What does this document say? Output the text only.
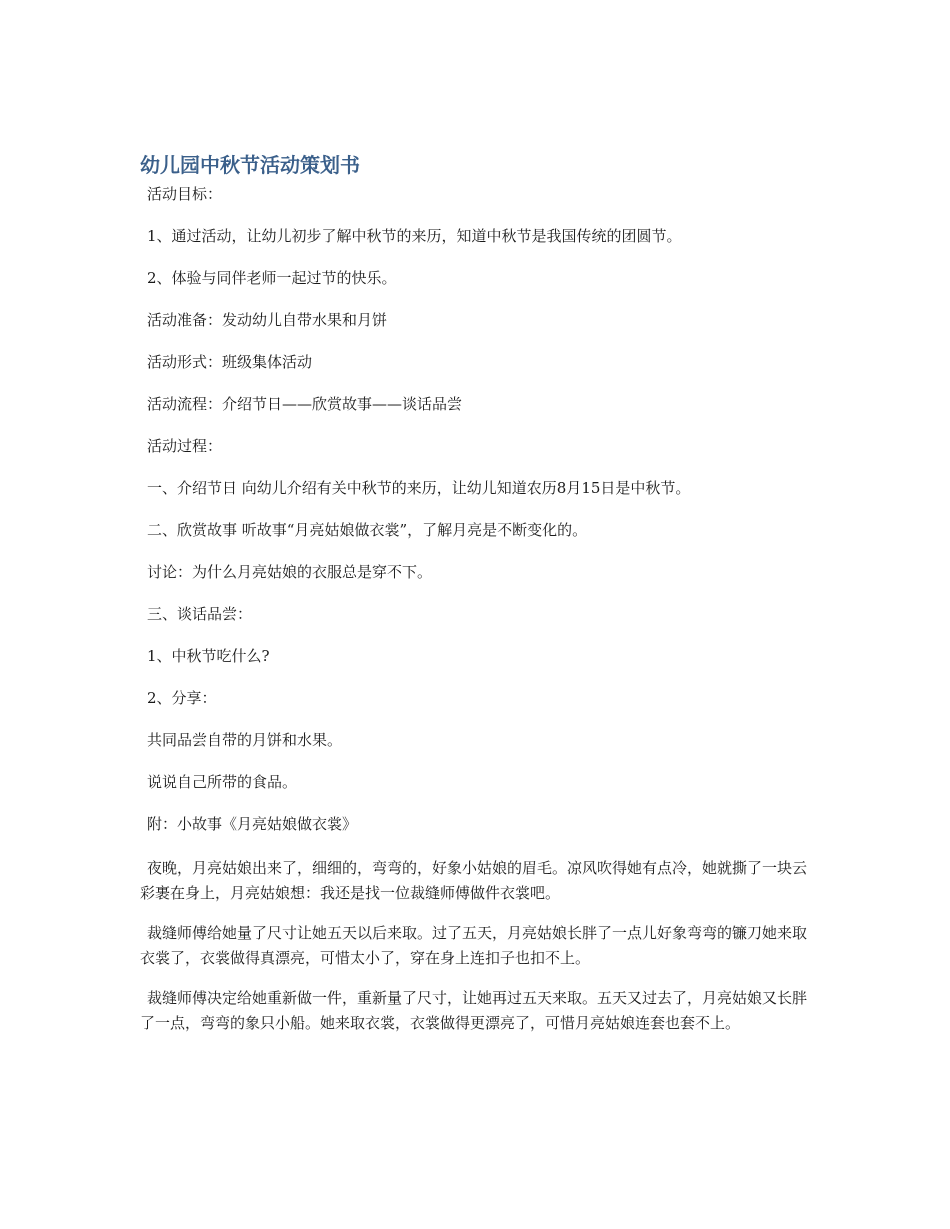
幼儿园中秋节活动策划书

活动目标：

1、通过活动，让幼儿初步了解中秋节的来历，知道中秋节是我国传统的团圆节。

2、体验与同伴老师一起过节的快乐。

活动准备：发动幼儿自带水果和月饼

活动形式：班级集体活动

活动流程：介绍节日——欣赏故事——谈话品尝

活动过程：

一、介绍节日 向幼儿介绍有关中秋节的来历，让幼儿知道农历8月15日是中秋节。

二、欣赏故事 听故事“月亮姑娘做衣裳”，了解月亮是不断变化的。

讨论：为什么月亮姑娘的衣服总是穿不下。

三、谈话品尝：

1、中秋节吃什么?

2、分享：

共同品尝自带的月饼和水果。

说说自己所带的食品。

附：小故事《月亮姑娘做衣裳》

夜晚，月亮姑娘出来了，细细的，弯弯的，好象小姑娘的眉毛。凉风吹得她有点冷，她就撕了一块云彩裹在身上，月亮姑娘想：我还是找一位裁缝师傅做件衣裳吧。

裁缝师傅给她量了尺寸让她五天以后来取。过了五天，月亮姑娘长胖了一点儿好象弯弯的镰刀她来取衣裳了，衣裳做得真漂亮，可惜太小了，穿在身上连扣子也扣不上。

裁缝师傅决定给她重新做一件，重新量了尺寸，让她再过五天来取。五天又过去了，月亮姑娘又长胖了一点，弯弯的象只小船。她来取衣裳，衣裳做得更漂亮了，可惜月亮姑娘连套也套不上。
